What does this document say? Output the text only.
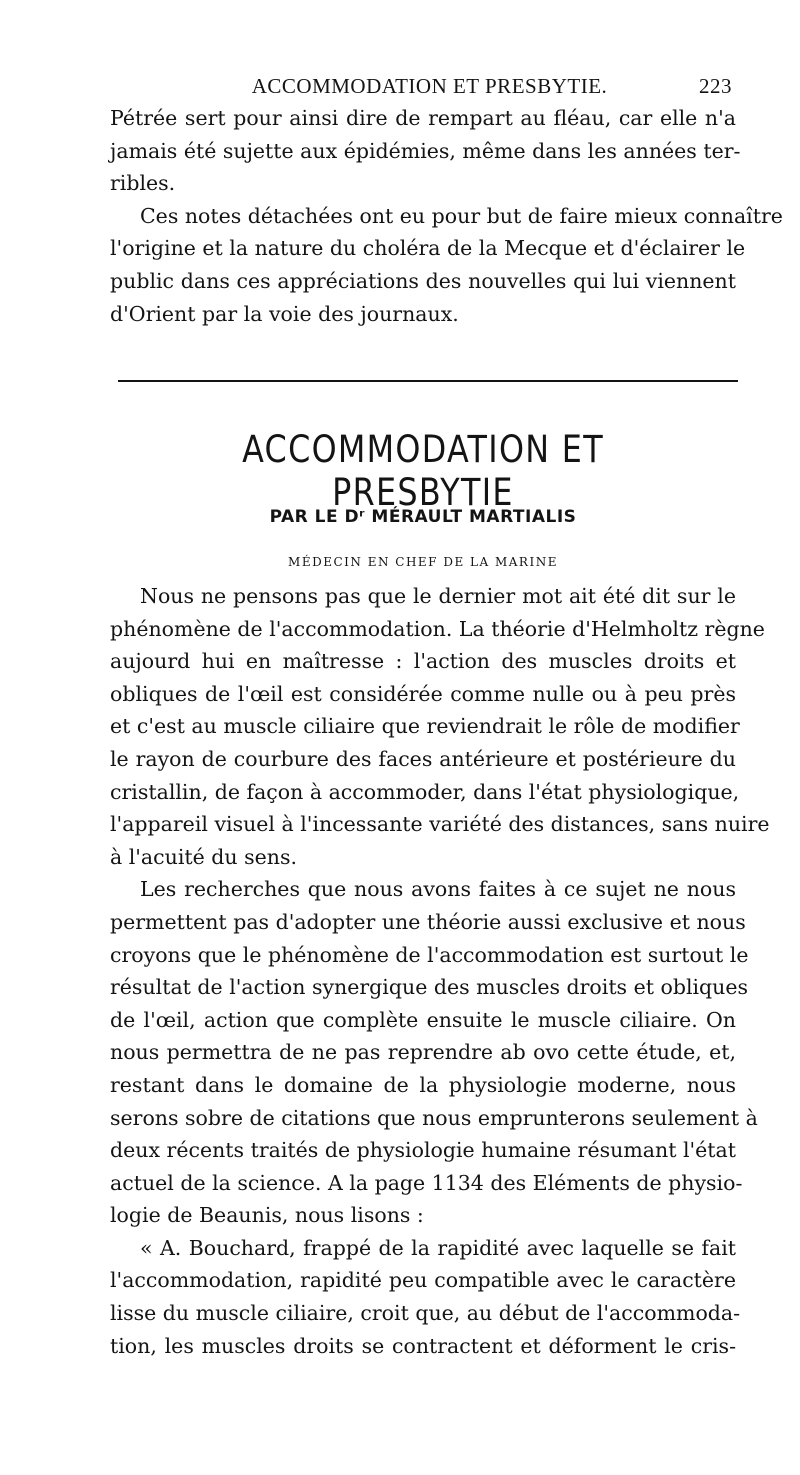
ACCOMMODATION ET PRESBYTIE.	223
Pétrée sert pour ainsi dire de rempart au fléau, car elle n'a
jamais été sujette aux épidémies, même dans les années ter-
ribles.
Ces notes détachées ont eu pour but de faire mieux connaître
l'origine et la nature du choléra de la Mecque et d'éclairer le
public dans ces appréciations des nouvelles qui lui viennent
d'Orient par la voie des journaux.
ACCOMMODATION ET PRESBYTIE
PAR LE Dʳ MÉRAULT MARTIALIS
MÉDECIN EN CHEF DE LA MARINE
Nous ne pensons pas que le dernier mot ait été dit sur le
phénomène de l'accommodation. La théorie d'Helmholtz règne
aujourd hui en maîtresse : l'action des muscles droits et
obliques de l'œil est considérée comme nulle ou à peu près
et c'est au muscle ciliaire que reviendrait le rôle de modifier
le rayon de courbure des faces antérieure et postérieure du
cristallin, de façon à accommoder, dans l'état physiologique,
l'appareil visuel à l'incessante variété des distances, sans nuire
à l'acuité du sens.
Les recherches que nous avons faites à ce sujet ne nous
permettent pas d'adopter une théorie aussi exclusive et nous
croyons que le phénomène de l'accommodation est surtout le
résultat de l'action synergique des muscles droits et obliques
de l'œil, action que complète ensuite le muscle ciliaire. On
nous permettra de ne pas reprendre ab ovo cette étude, et,
restant dans le domaine de la physiologie moderne, nous
serons sobre de citations que nous emprunterons seulement à
deux récents traités de physiologie humaine résumant l'état
actuel de la science. A la page 1134 des Eléments de physio-
logie de Beaunis, nous lisons :
« A. Bouchard, frappé de la rapidité avec laquelle se fait
l'accommodation, rapidité peu compatible avec le caractère
lisse du muscle ciliaire, croit que, au début de l'accommoda-
tion, les muscles droits se contractent et déforment le cris-
